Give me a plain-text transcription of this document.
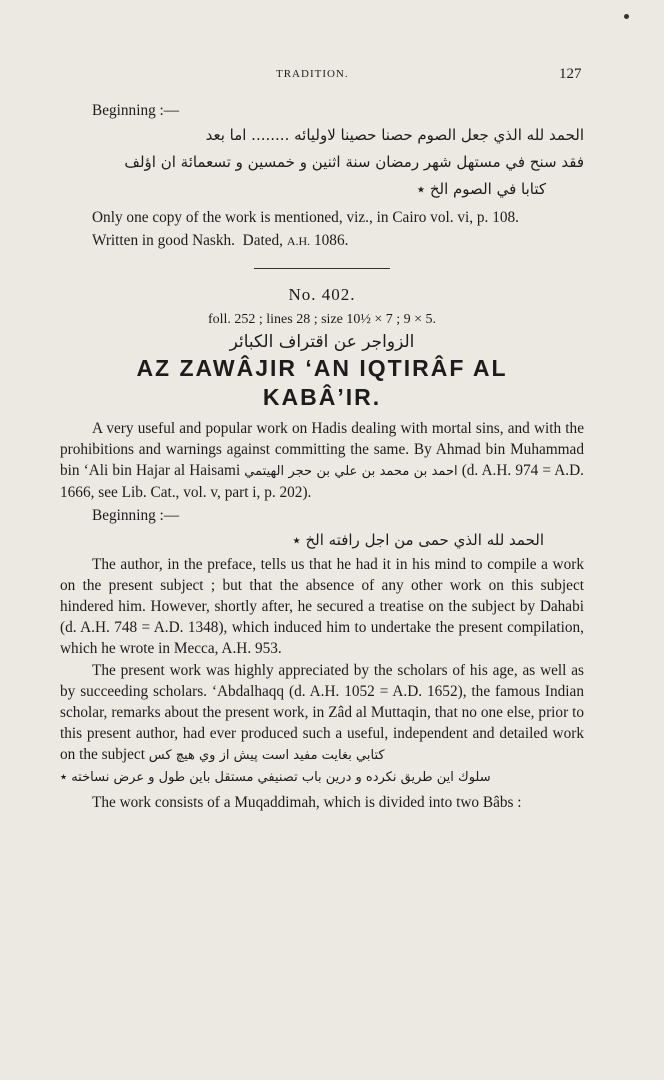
TRADITION.	127

Beginning :—

الحمد لله الذي جعل الصوم حصنا حصينا لاوليائه ........ اما بعد

فقد سنح في مستهل شهر رمضان سنة اثنين و خمسين و تسعمائة ان اؤلف

كتابا في الصوم الخ ٭

Only one copy of the work is mentioned, viz., in Cairo vol. vi, p. 108.

Written in good Naskh. Dated, A.H. 1086.

No. 402.
foll. 252 ; lines 28 ; size 10½ × 7 ; 9 × 5.
الزواجر عن اقتراف الكبائر
AZ ZAWÂJIR ‘AN IQTIRÂF AL
KABÂ’IR.

A very useful and popular work on Hadis dealing with mortal sins, and with the prohibitions and warnings against committing the same. By Ahmad bin Muhammad bin ‘Ali bin Hajar al Haisami احمد بن محمد بن علي بن حجر الهيتمي (d. A.H. 974 = A.D. 1666, see Lib. Cat., vol. v, part i, p. 202).

Beginning :—

الحمد لله الذي حمى من اجل رافته الخ ٭

The author, in the preface, tells us that he had it in his mind to compile a work on the present subject ; but that the absence of any other work on this subject hindered him. However, shortly after, he secured a treatise on the subject by Dahabi (d. A.H. 748 = A.D. 1348), which induced him to undertake the present compilation, which he wrote in Mecca, A.H. 953.

The present work was highly appreciated by the scholars of his age, as well as by succeeding scholars. ‘Abdalhaqq (d. A.H. 1052 = A.D. 1652), the famous Indian scholar, remarks about the present work, in Zâd al Muttaqin, that no one else, prior to this present author, had ever produced such a useful, independent and detailed work on the subject كتابي بغايت مفيد است پيش از وي هيچ كس

سلوك اين طريق نكرده و درين باب تصنيفي مستقل باين طول و عرض نساخته ٭

The work consists of a Muqaddimah, which is divided into two Bâbs :
